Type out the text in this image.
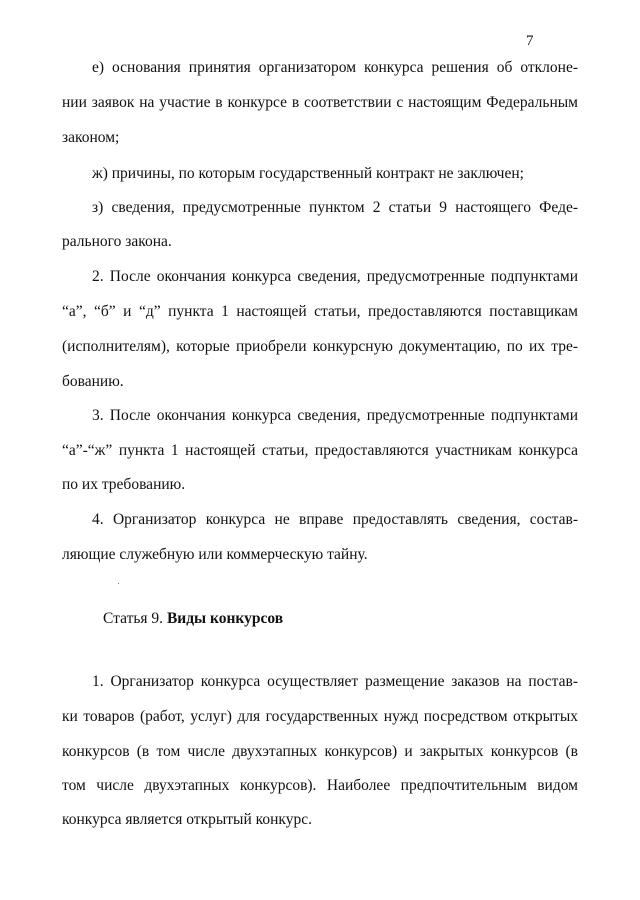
7
е) основания принятия организатором конкурса решения об отклоне-
нии заявок на участие в конкурсе в соответствии с настоящим Федеральным
законом;
ж) причины, по которым государственный контракт не заключен;
з) сведения, предусмотренные пунктом 2 статьи 9 настоящего Феде-
рального закона.
2. После окончания конкурса сведения, предусмотренные подпунктами
“а”, “б” и “д” пункта 1 настоящей статьи, предоставляются поставщикам
(исполнителям), которые приобрели конкурсную документацию, по их тре-
бованию.
3. После окончания конкурса сведения, предусмотренные подпунктами
“а”-“ж” пункта 1 настоящей статьи, предоставляются участникам конкурса
по их требованию.
4. Организатор конкурса не вправе предоставлять сведения, состав-
ляющие служебную или коммерческую тайну.
Статья 9. Виды конкурсов
1. Организатор конкурса осуществляет размещение заказов на постав-
ки товаров (работ, услуг) для государственных нужд посредством открытых
конкурсов (в том числе двухэтапных конкурсов) и закрытых конкурсов (в
том числе двухэтапных конкурсов). Наиболее предпочтительным видом
конкурса является открытый конкурс.
